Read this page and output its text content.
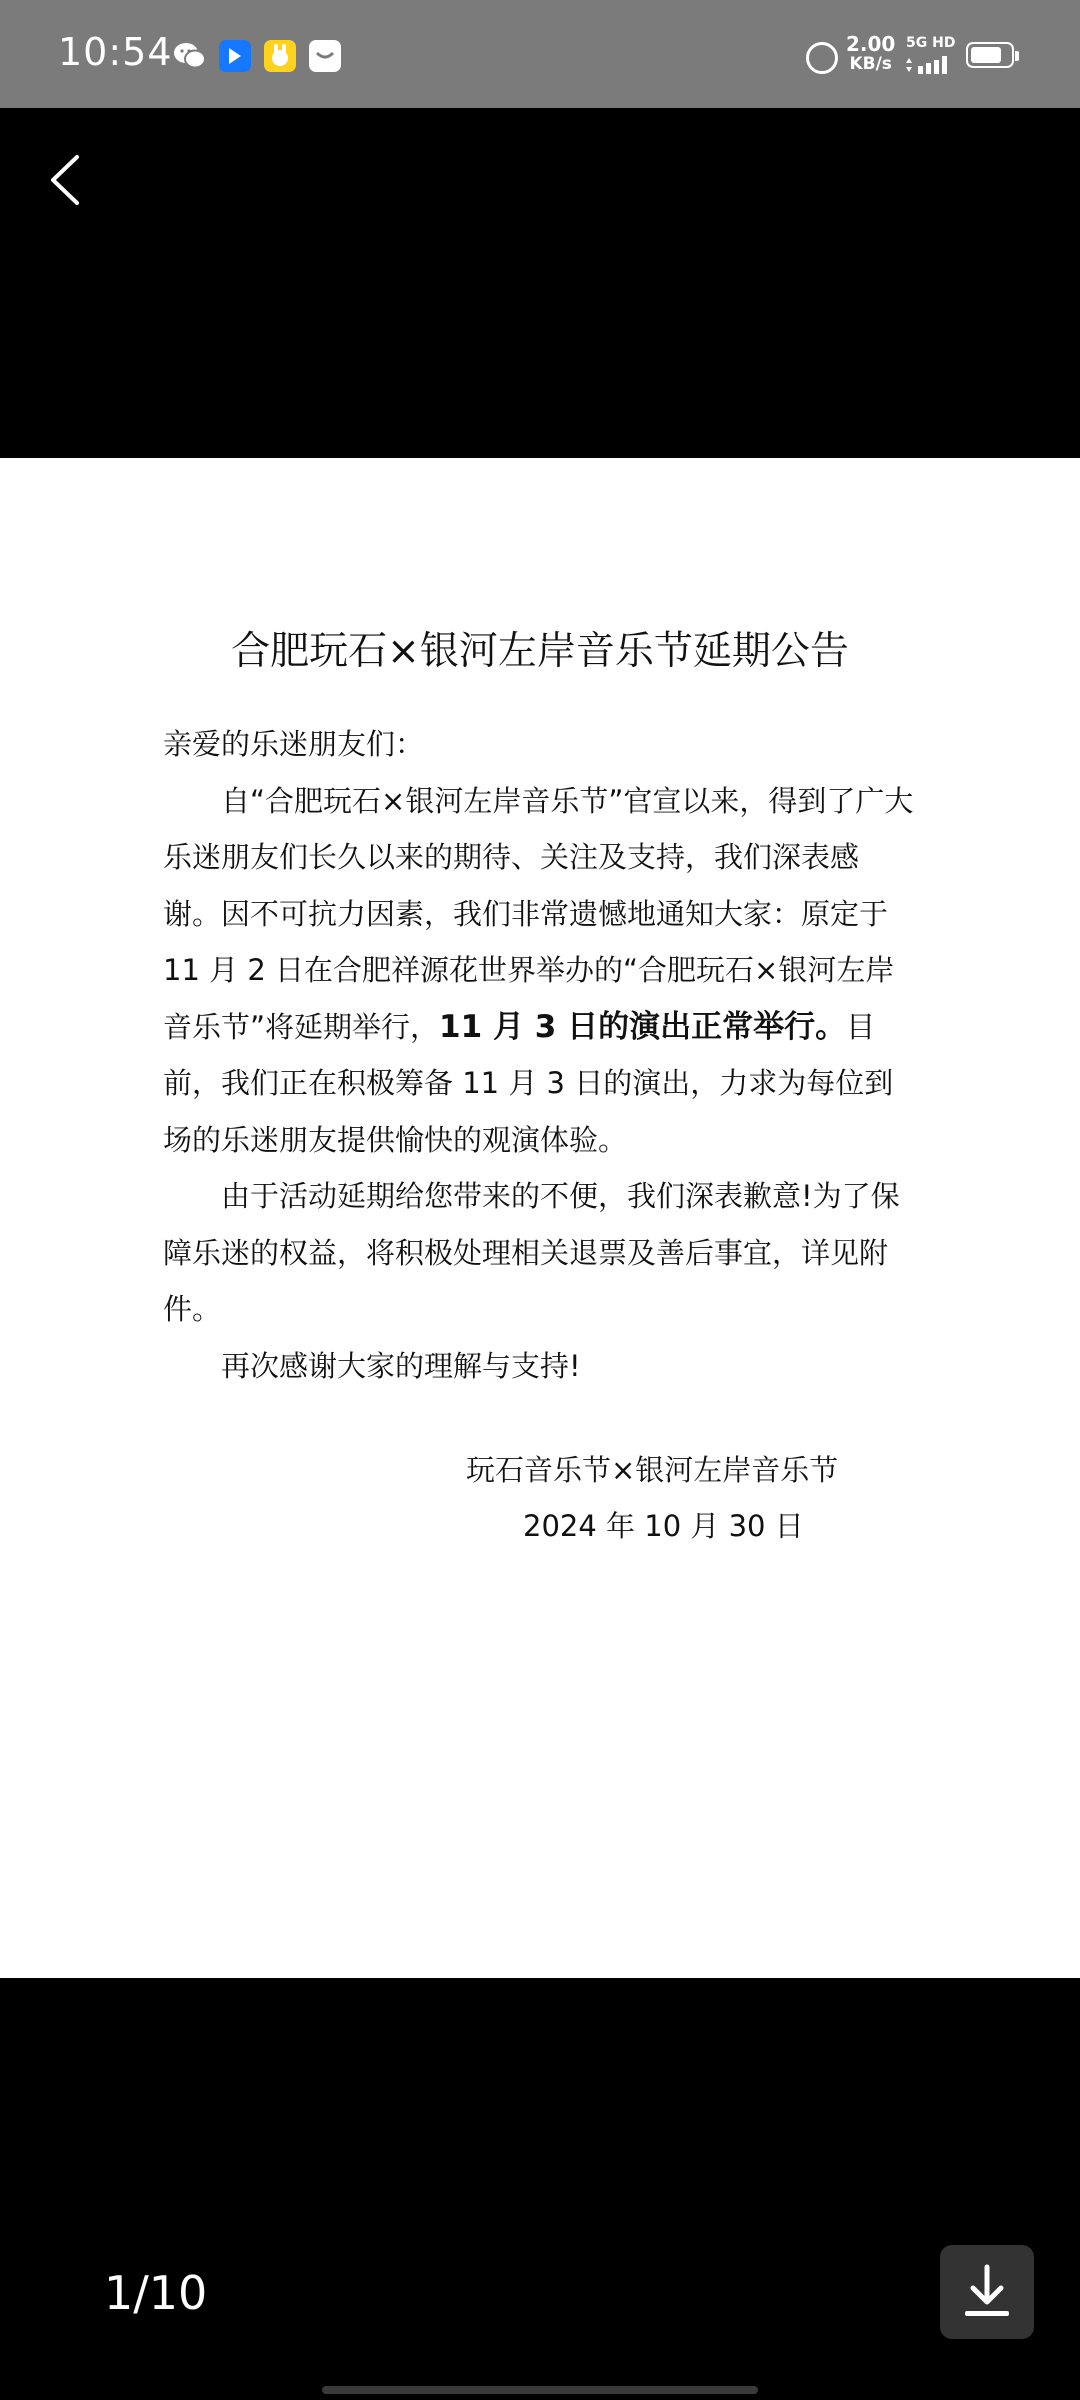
10:54	2.00
KB/s
5G HD
合肥玩石×银河左岸音乐节延期公告

亲爱的乐迷朋友们：

自“合肥玩石×银河左岸音乐节”官宣以来，得到了广大乐迷朋友们长久以来的期待、关注及支持，我们深表感谢。因不可抗力因素，我们非常遗憾地通知大家：原定于 11 月 2 日在合肥祥源花世界举办的“合肥玩石×银河左岸音乐节”将延期举行，11 月 3 日的演出正常举行。目前，我们正在积极筹备 11 月 3 日的演出，力求为每位到场的乐迷朋友提供愉快的观演体验。

由于活动延期给您带来的不便，我们深表歉意!为了保障乐迷的权益，将积极处理相关退票及善后事宜，详见附件。

再次感谢大家的理解与支持!

玩石音乐节×银河左岸音乐节
2024 年 10 月 30 日
1/10
